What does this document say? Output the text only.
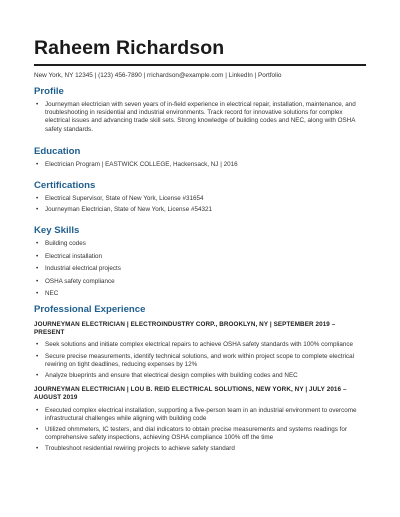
Raheem Richardson
New York, NY 12345 | (123) 456-7890 | rrichardson@example.com | LinkedIn | Portfolio
Profile
• Journeyman electrician with seven years of in-field experience in electrical repair, installation, maintenance, and troubleshooting in residential and industrial environments. Track record for innovative solutions for complex electrical issues and advancing trade skill sets. Strong knowledge of building codes and NEC, along with OSHA safety standards.
Education
• Electrician Program | EASTWICK COLLEGE, Hackensack, NJ | 2016
Certifications
• Electrical Supervisor, State of New York, License #31654
• Journeyman Electrician, State of New York, License #54321
Key Skills
• Building codes
• Electrical installation
• Industrial electrical projects
• OSHA safety compliance
• NEC
Professional Experience
JOURNEYMAN ELECTRICIAN | ELECTROINDUSTRY CORP., BROOKLYN, NY | SEPTEMBER 2019 – PRESENT
• Seek solutions and initiate complex electrical repairs to achieve OSHA safety standards with 100% compliance
• Secure precise measurements, identify technical solutions, and work within project scope to complete electrical rewiring on tight deadlines, reducing expenses by 12%
• Analyze blueprints and ensure that electrical design complies with building codes and NEC
JOURNEYMAN ELECTRICIAN | LOU B. REID ELECTRICAL SOLUTIONS, NEW YORK, NY | JULY 2016 – AUGUST 2019
• Executed complex electrical installation, supporting a five-person team in an industrial environment to overcome infrastructural challenges while aligning with building code
• Utilized ohmmeters, IC testers, and dial indicators to obtain precise measurements and systems readings for comprehensive safety inspections, achieving OSHA compliance 100% off the time
• Troubleshoot residential rewiring projects to achieve safety standard
